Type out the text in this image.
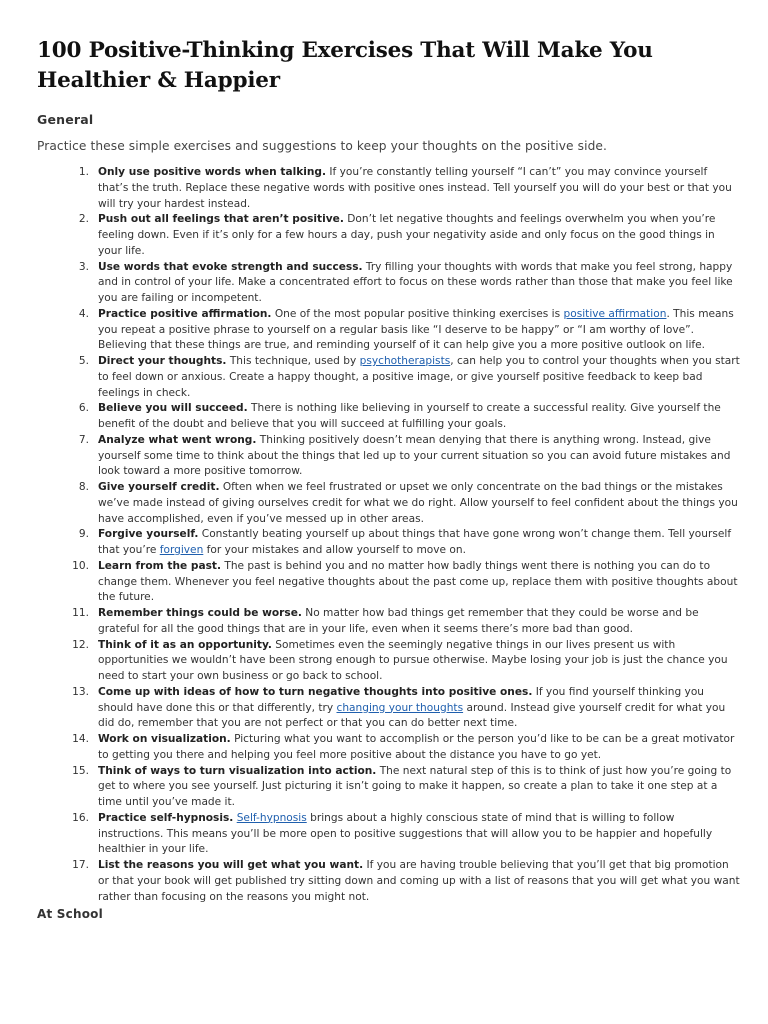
100 Positive-Thinking Exercises That Will Make You Healthier & Happier
General

Practice these simple exercises and suggestions to keep your thoughts on the positive side.

1. Only use positive words when talking. If you’re constantly telling yourself “I can’t” you may convince yourself that’s the truth. Replace these negative words with positive ones instead. Tell yourself you will do your best or that you will try your hardest instead.
2. Push out all feelings that aren’t positive. Don’t let negative thoughts and feelings overwhelm you when you’re feeling down. Even if it’s only for a few hours a day, push your negativity aside and only focus on the good things in your life.
3. Use words that evoke strength and success. Try filling your thoughts with words that make you feel strong, happy and in control of your life. Make a concentrated effort to focus on these words rather than those that make you feel like you are failing or incompetent.
4. Practice positive affirmation. One of the most popular positive thinking exercises is positive affirmation. This means you repeat a positive phrase to yourself on a regular basis like “I deserve to be happy” or “I am worthy of love”. Believing that these things are true, and reminding yourself of it can help give you a more positive outlook on life.
5. Direct your thoughts. This technique, used by psychotherapists, can help you to control your thoughts when you start to feel down or anxious. Create a happy thought, a positive image, or give yourself positive feedback to keep bad feelings in check.
6. Believe you will succeed. There is nothing like believing in yourself to create a successful reality. Give yourself the benefit of the doubt and believe that you will succeed at fulfilling your goals.
7. Analyze what went wrong. Thinking positively doesn’t mean denying that there is anything wrong. Instead, give yourself some time to think about the things that led up to your current situation so you can avoid future mistakes and look toward a more positive tomorrow.
8. Give yourself credit. Often when we feel frustrated or upset we only concentrate on the bad things or the mistakes we’ve made instead of giving ourselves credit for what we do right. Allow yourself to feel confident about the things you have accomplished, even if you’ve messed up in other areas.
9. Forgive yourself. Constantly beating yourself up about things that have gone wrong won’t change them. Tell yourself that you’re forgiven for your mistakes and allow yourself to move on.
10. Learn from the past. The past is behind you and no matter how badly things went there is nothing you can do to change them. Whenever you feel negative thoughts about the past come up, replace them with positive thoughts about the future.
11. Remember things could be worse. No matter how bad things get remember that they could be worse and be grateful for all the good things that are in your life, even when it seems there’s more bad than good.
12. Think of it as an opportunity. Sometimes even the seemingly negative things in our lives present us with opportunities we wouldn’t have been strong enough to pursue otherwise. Maybe losing your job is just the chance you need to start your own business or go back to school.
13. Come up with ideas of how to turn negative thoughts into positive ones. If you find yourself thinking you should have done this or that differently, try changing your thoughts around. Instead give yourself credit for what you did do, remember that you are not perfect or that you can do better next time.
14. Work on visualization. Picturing what you want to accomplish or the person you’d like to be can be a great motivator to getting you there and helping you feel more positive about the distance you have to go yet.
15. Think of ways to turn visualization into action. The next natural step of this is to think of just how you’re going to get to where you see yourself. Just picturing it isn’t going to make it happen, so create a plan to take it one step at a time until you’ve made it.
16. Practice self-hypnosis. Self-hypnosis brings about a highly conscious state of mind that is willing to follow instructions. This means you’ll be more open to positive suggestions that will allow you to be happier and hopefully healthier in your life.
17. List the reasons you will get what you want. If you are having trouble believing that you’ll get that big promotion or that your book will get published try sitting down and coming up with a list of reasons that you will get what you want rather than focusing on the reasons you might not.
At School
